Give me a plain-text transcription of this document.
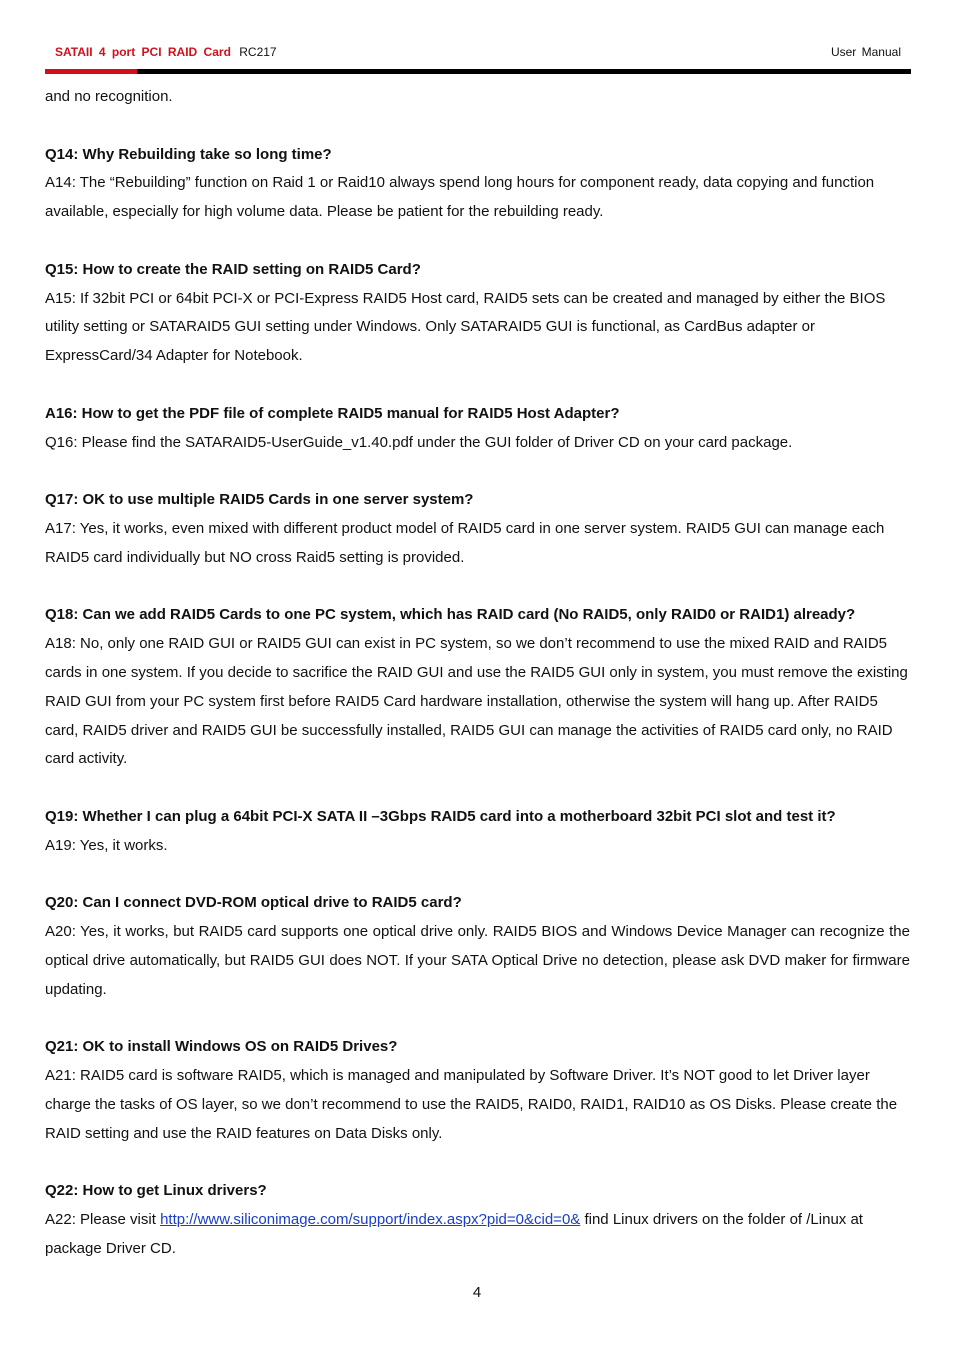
SATAII 4 port PCI RAID Card RC217	User Manual

and no recognition.

Q14: Why Rebuilding take so long time?

A14: The “Rebuilding” function on Raid 1 or Raid10 always spend long hours for component ready, data copying and function available, especially for high volume data. Please be patient for the rebuilding ready.

Q15: How to create the RAID setting on RAID5 Card?

A15: If 32bit PCI or 64bit PCI-X or PCI-Express RAID5 Host card, RAID5 sets can be created and managed by either the BIOS utility setting or SATARAID5 GUI setting under Windows. Only SATARAID5 GUI is functional, as CardBus adapter or ExpressCard/34 Adapter for Notebook.

A16: How to get the PDF file of complete RAID5 manual for RAID5 Host Adapter?

Q16: Please find the SATARAID5-UserGuide_v1.40.pdf under the GUI folder of Driver CD on your card package.

Q17: OK to use multiple RAID5 Cards in one server system?

A17: Yes, it works, even mixed with different product model of RAID5 card in one server system. RAID5 GUI can manage each RAID5 card individually but NO cross Raid5 setting is provided.

Q18: Can we add RAID5 Cards to one PC system, which has RAID card (No RAID5, only RAID0 or RAID1) already?

A18: No, only one RAID GUI or RAID5 GUI can exist in PC system, so we don’t recommend to use the mixed RAID and RAID5 cards in one system. If you decide to sacrifice the RAID GUI and use the RAID5 GUI only in system, you must remove the existing RAID GUI from your PC system first before RAID5 Card hardware installation, otherwise the system will hang up. After RAID5 card, RAID5 driver and RAID5 GUI be successfully installed, RAID5 GUI can manage the activities of RAID5 card only, no RAID card activity.

Q19: Whether I can plug a 64bit PCI-X SATA II –3Gbps RAID5 card into a motherboard 32bit PCI slot and test it?

A19: Yes, it works.

Q20: Can I connect DVD-ROM optical drive to RAID5 card?

A20: Yes, it works, but RAID5 card supports one optical drive only. RAID5 BIOS and Windows Device Manager can recognize the optical drive automatically, but RAID5 GUI does NOT. If your SATA Optical Drive no detection, please ask DVD maker for firmware updating.

Q21: OK to install Windows OS on RAID5 Drives?

A21: RAID5 card is software RAID5, which is managed and manipulated by Software Driver. It’s NOT good to let Driver layer charge the tasks of OS layer, so we don’t recommend to use the RAID5, RAID0, RAID1, RAID10 as OS Disks. Please create the RAID setting and use the RAID features on Data Disks only.

Q22: How to get Linux drivers?

A22: Please visit http://www.siliconimage.com/support/index.aspx?pid=0&cid=0& find Linux drivers on the folder of /Linux at package Driver CD.

4
